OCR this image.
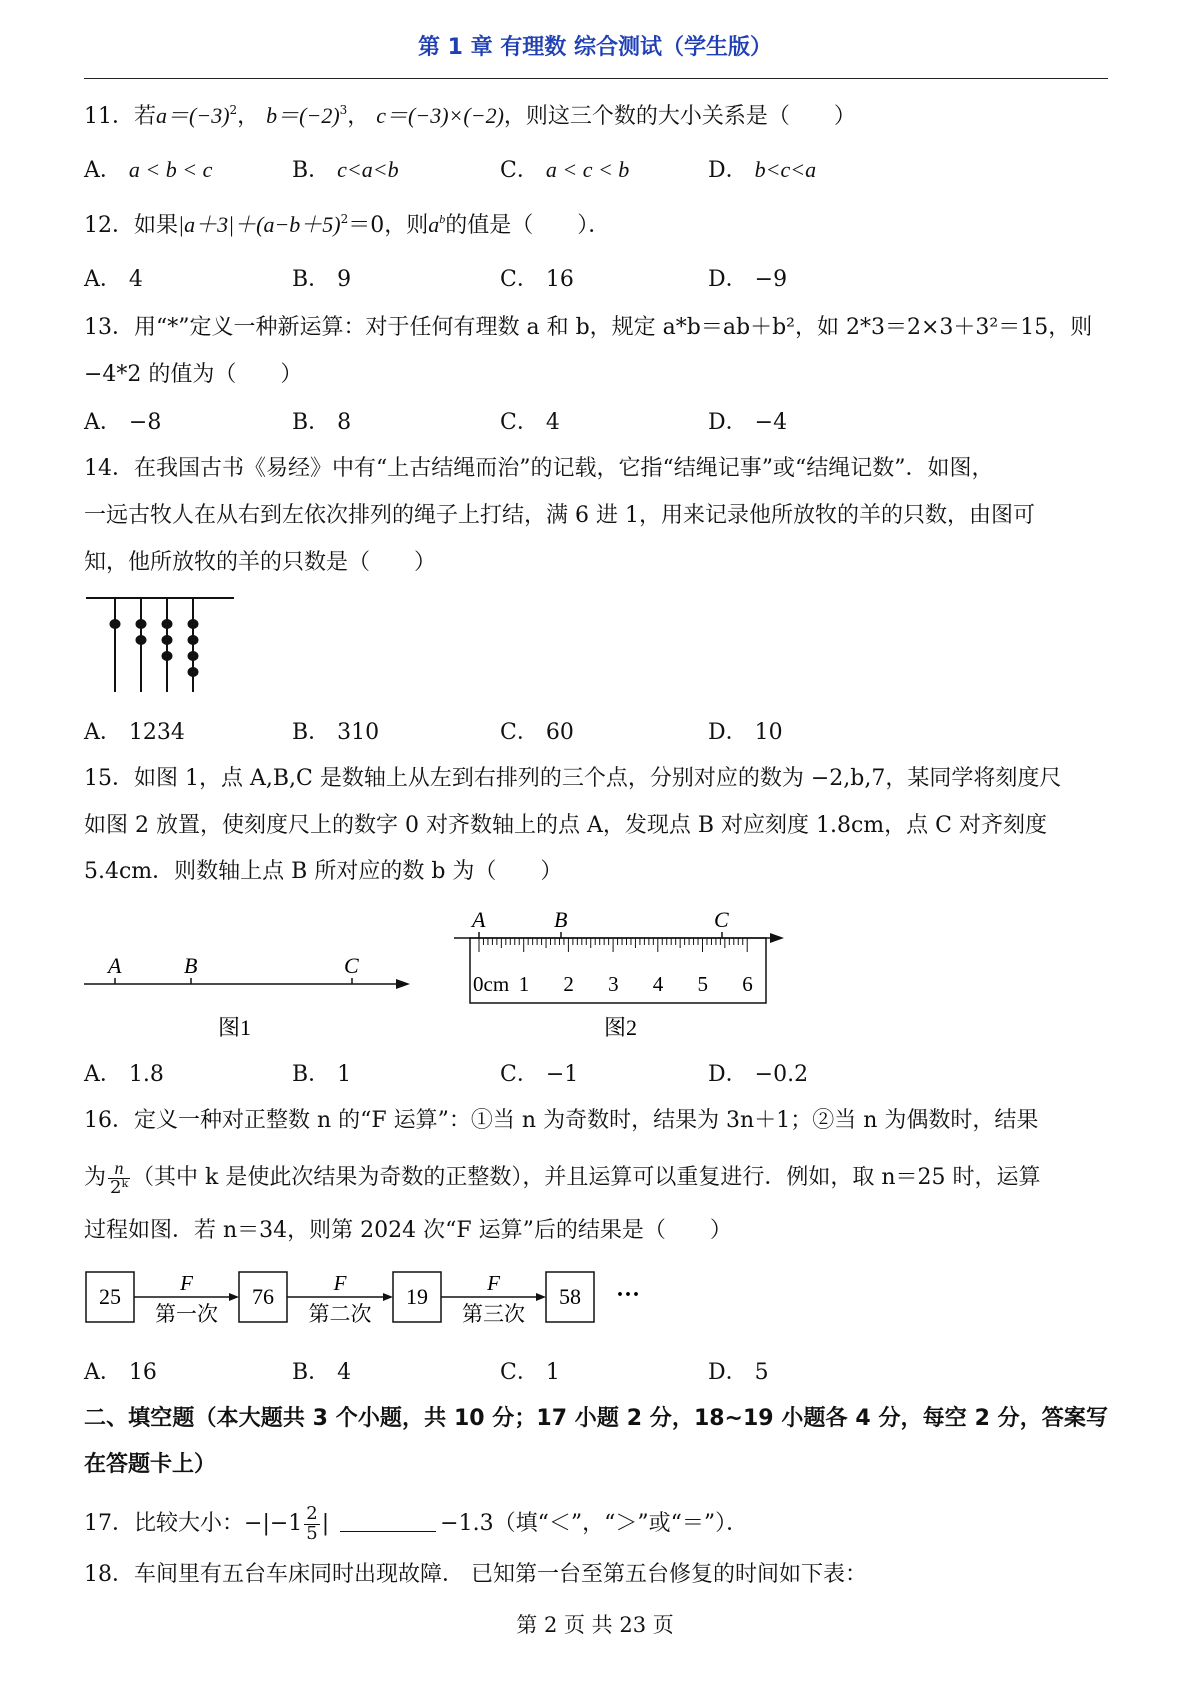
第 1 章 有理数 综合测试（学生版）
11．若$a=(-3)^2$， $b=(-2)^3$， c＝(−3)×(−2)，则这三个数的大小关系是（　　）
A． a < b < c	B． c<a<b	C． a < c < b	D． b<c<a
12．如果$|a+3|+(a-b+5)^2=0$，则$a^b$的值是（　　）．
A． 4	B． 9	C． 16	D． −9
13．用“*”定义一种新运算：对于任何有理数 a 和 b，规定 a*b＝ab＋b²，如 2*3＝2×3＋3²＝15，则
−4*2 的值为（　　）
A． −8	B． 8	C． 4	D． −4
14．在我国古书《易经》中有“上古结绳而治”的记载，它指“结绳记事”或“结绳记数”．如图，
一远古牧人在从右到左依次排列的绳子上打结，满 6 进 1，用来记录他所放牧的羊的只数，由图可
知，他所放牧的羊的只数是（　　）
A． 1234	B． 310	C． 60	D． 10
15．如图 1，点 A,B,C 是数轴上从左到右排列的三个点，分别对应的数为 −2,b,7，某同学将刻度尺
如图 2 放置，使刻度尺上的数字 0 对齐数轴上的点 A，发现点 B 对应刻度 1.8cm，点 C 对齐刻度
5.4cm．则数轴上点 B 所对应的数 b 为（　　）
A	B	C
图1
A	B	C
0cm 1 2 3 4 5 6
图2
A． 1.8	B． 1	C． −1	D． −0.2
16．定义一种对正整数 n 的“F 运算”：①当 n 为奇数时，结果为 3n＋1；②当 n 为偶数时，结果
为 $\frac{n}{\text{2ᵏ}}$ （其中 k 是使此次结果为奇数的正整数），并且运算可以重复进行．例如，取 n＝25 时，运算
过程如图．若 n＝34，则第 2024 次“F 运算”后的结果是（　　）
25
F
第一次
76
F
第二次
19
F
第三次
58 ···
A． 16	B． 4	C． 1	D． 5
二、填空题（本大题共 3 个小题，共 10 分；17 小题 2 分，18~19 小题各 4 分，每空 2 分，答案写
在答题卡上）
17．比较大小：$-|-1 \frac{2}{5}$ |	−1.3（填“＜”，“＞”或“＝”）．
18．车间里有五台车床同时出现故障． 已知第一台至第五台修复的时间如下表：
第 2 页 共 23 页
